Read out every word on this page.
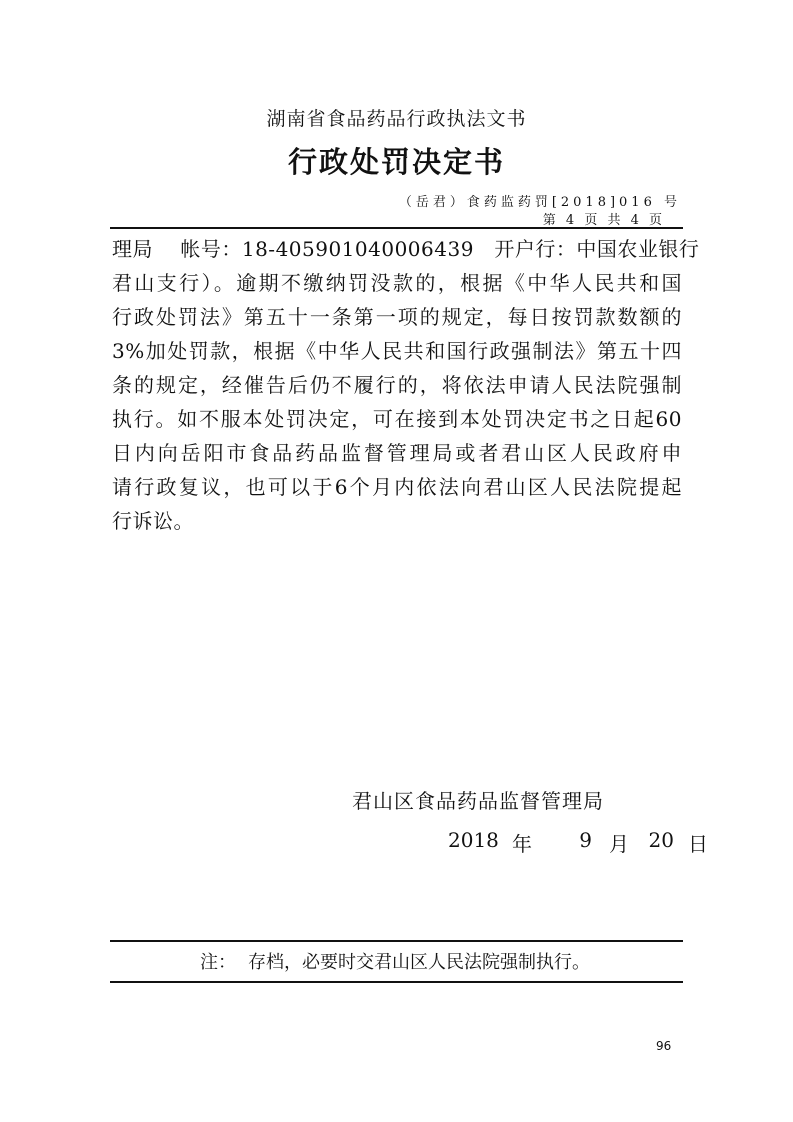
湖南省食品药品行政执法文书
行政处罚决定书
（岳君）食药监药罚[2018]016 号
第 4 页 共 4 页
理局　 帐号：18-405901040006439　开户行：中国农业银行
君山支行）。逾期不缴纳罚没款的，根据《中华人民共和国
行政处罚法》第五十一条第一项的规定，每日按罚款数额的
3%加处罚款，根据《中华人民共和国行政强制法》第五十四
条的规定，经催告后仍不履行的，将依法申请人民法院强制
执行。如不服本处罚决定，可在接到本处罚决定书之日起60
日内向岳阳市食品药品监督管理局或者君山区人民政府申
请行政复议，也可以于6个月内依法向君山区人民法院提起
行诉讼。
君山区食品药品监督管理局
2018 年	9 月 20 日
注： 存档，必要时交君山区人民法院强制执行。
96
